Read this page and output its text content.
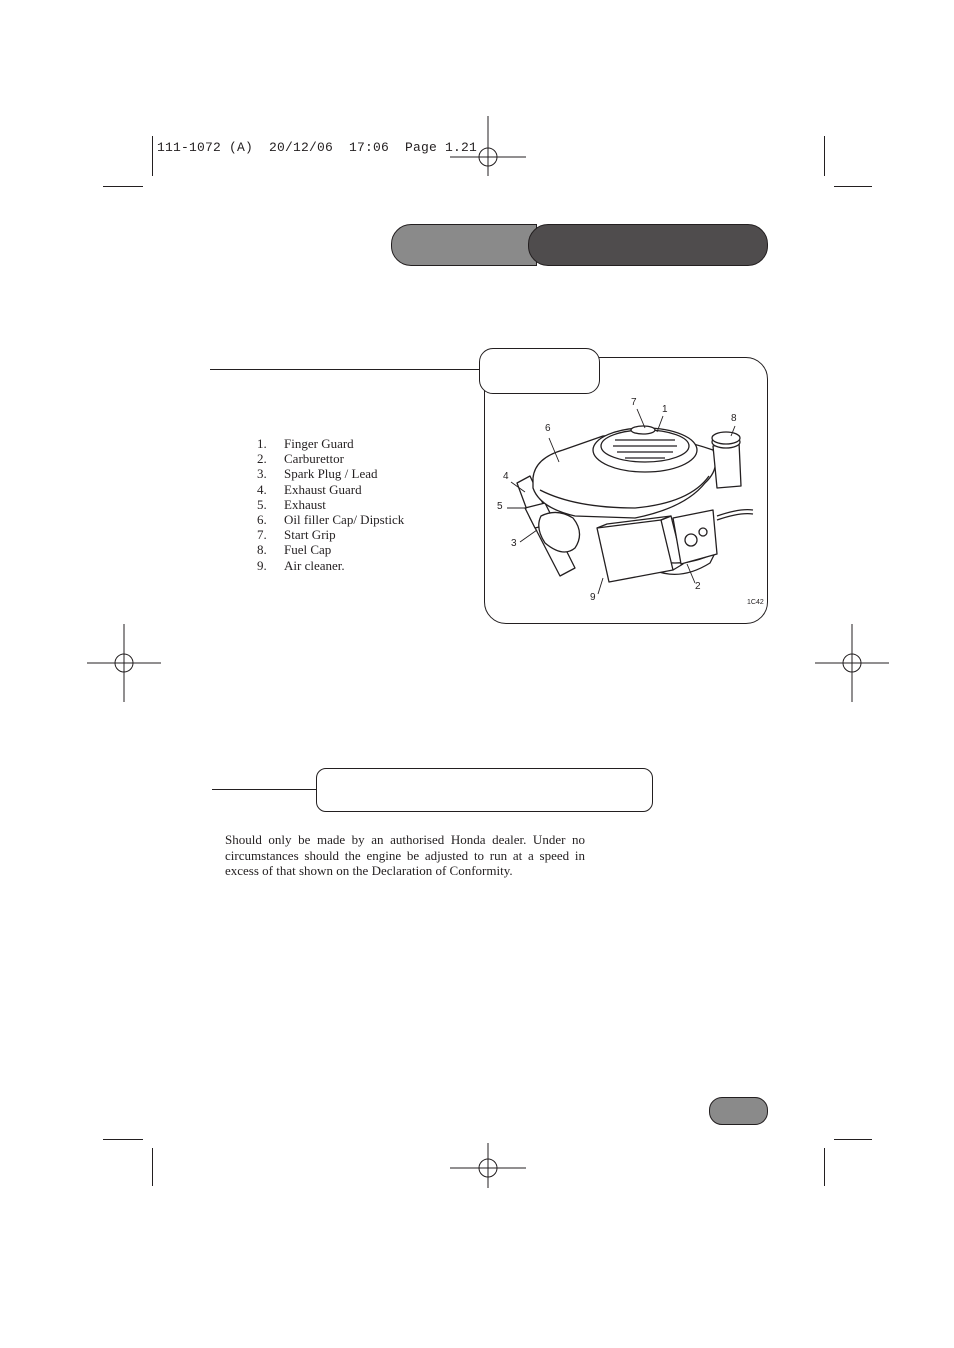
111-1072 (A)  20/12/06  17:06  Page 1.21
7
1
8
6
4
5
3
9
2
1C42
1.	Finger Guard
2.	Carburettor
3.	Spark Plug / Lead
4.	Exhaust Guard
5.	Exhaust
6.	Oil filler Cap/ Dipstick
7.	Start Grip
8.	Fuel Cap
9.	Air cleaner.

Should only be made by an authorised Honda dealer. Under no circumstances should the engine be adjusted to run at a speed in excess of that shown on the Declaration of Conformity.
